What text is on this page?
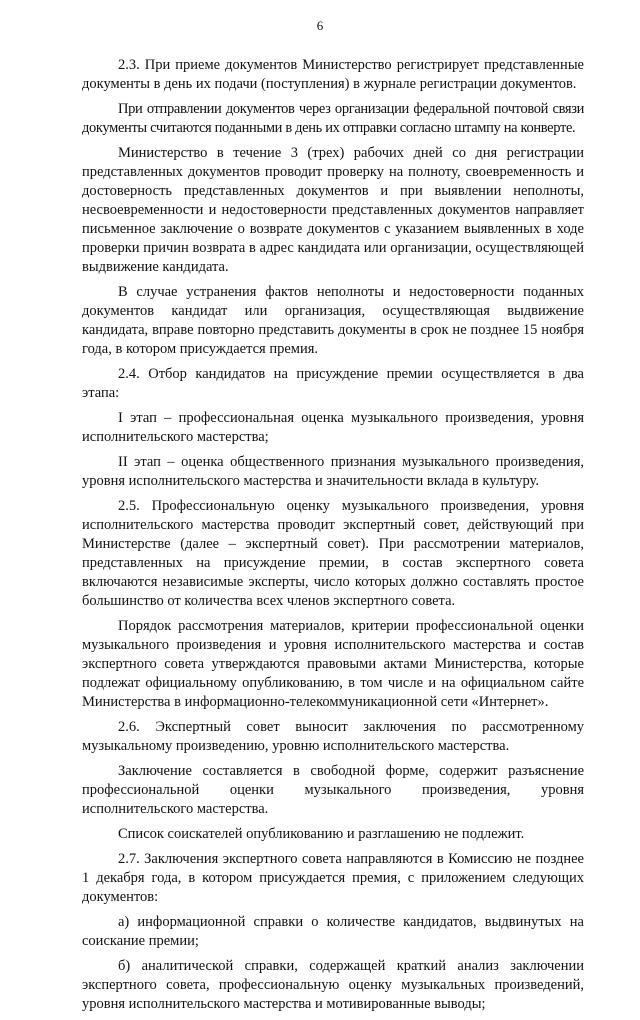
6

2.3. При приеме документов Министерство регистрирует представленные документы в день их подачи (поступления) в журнале регистрации документов.

При отправлении документов через организации федеральной почтовой связи документы считаются поданными в день их отправки согласно штампу на конверте.

Министерство в течение 3 (трех) рабочих дней со дня регистрации представленных документов проводит проверку на полноту, своевременность и достоверность представленных документов и при выявлении неполноты, несвоевременности и недостоверности представленных документов направляет письменное заключение о возврате документов с указанием выявленных в ходе проверки причин возврата в адрес кандидата или организации, осуществляющей выдвижение кандидата.

В случае устранения фактов неполноты и недостоверности поданных документов кандидат или организация, осуществляющая выдвижение кандидата, вправе повторно представить документы в срок не позднее 15 ноября года, в котором присуждается премия.

2.4. Отбор кандидатов на присуждение премии осуществляется в два этапа:

I этап – профессиональная оценка музыкального произведения, уровня исполнительского мастерства;

II этап – оценка общественного признания музыкального произведения, уровня исполнительского мастерства и значительности вклада в культуру.

2.5. Профессиональную оценку музыкального произведения, уровня исполнительского мастерства проводит экспертный совет, действующий при Министерстве (далее – экспертный совет). При рассмотрении материалов, представленных на присуждение премии, в состав экспертного совета включаются независимые эксперты, число которых должно составлять простое большинство от количества всех членов экспертного совета.

Порядок рассмотрения материалов, критерии профессиональной оценки музыкального произведения и уровня исполнительского мастерства и состав экспертного совета утверждаются правовыми актами Министерства, которые подлежат официальному опубликованию, в том числе и на официальном сайте Министерства в информационно-телекоммуникационной сети «Интернет».

2.6. Экспертный совет выносит заключения по рассмотренному музыкальному произведению, уровню исполнительского мастерства.

Заключение составляется в свободной форме, содержит разъяснение профессиональной оценки музыкального произведения, уровня исполнительского мастерства.

Список соискателей опубликованию и разглашению не подлежит.

2.7. Заключения экспертного совета направляются в Комиссию не позднее 1 декабря года, в котором присуждается премия, с приложением следующих документов:

а) информационной справки о количестве кандидатов, выдвинутых на соискание премии;

б) аналитической справки, содержащей краткий анализ заключении экспертного совета, профессиональную оценку музыкальных произведений, уровня исполнительского мастерства и мотивированные выводы;
